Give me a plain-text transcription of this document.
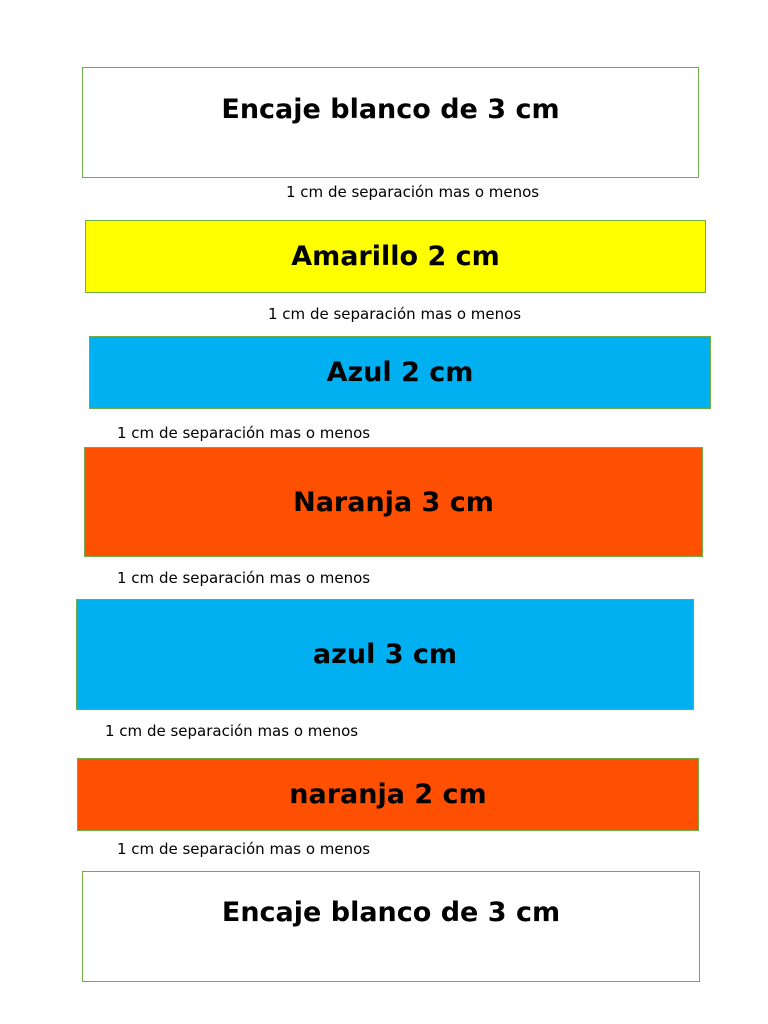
Encaje blanco de 3 cm
1 cm de separación mas o menos
Amarillo 2 cm
1 cm de separación mas o menos
Azul 2 cm
1 cm de separación mas o menos
Naranja 3 cm
1 cm de separación mas o menos
azul 3 cm
1 cm de separación mas o menos
naranja 2 cm
1 cm de separación mas o menos
Encaje blanco de 3 cm
